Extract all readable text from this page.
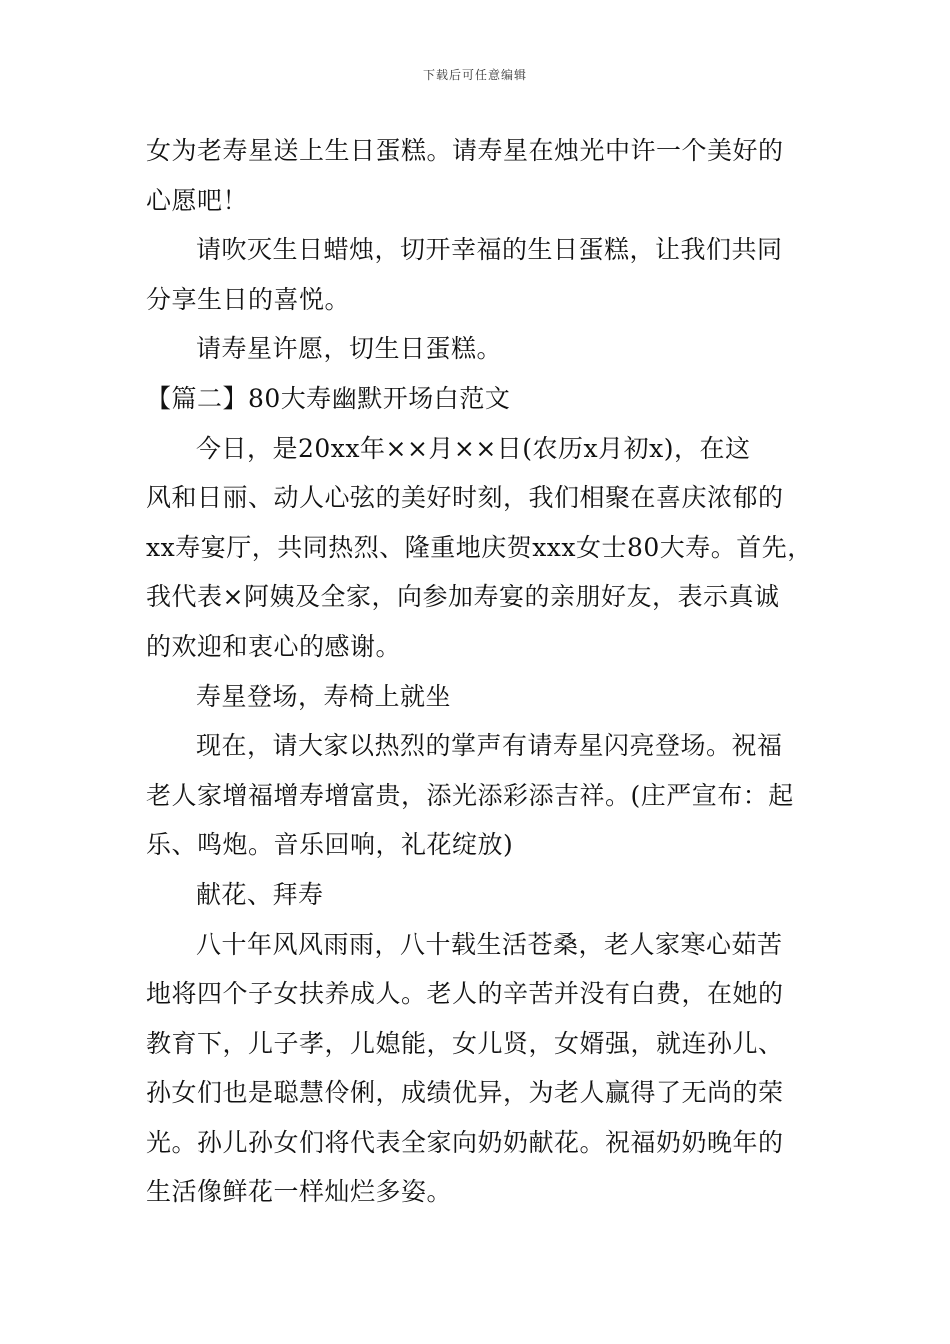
下载后可任意编辑
女为老寿星送上生日蛋糕。请寿星在烛光中许一个美好的
心愿吧！
请吹灭生日蜡烛，切开幸福的生日蛋糕，让我们共同
分享生日的喜悦。
请寿星许愿，切生日蛋糕。
【篇二】80大寿幽默开场白范文
今日，是20xx年××月××日(农历x月初x)，在这
风和日丽、动人心弦的美好时刻，我们相聚在喜庆浓郁的
xx寿宴厅，共同热烈、隆重地庆贺xxx女士80大寿。首先，
我代表×阿姨及全家，向参加寿宴的亲朋好友，表示真诚
的欢迎和衷心的感谢。
寿星登场，寿椅上就坐
现在，请大家以热烈的掌声有请寿星闪亮登场。祝福
老人家增福增寿增富贵，添光添彩添吉祥。(庄严宣布：起
乐、鸣炮。音乐回响，礼花绽放)
献花、拜寿
八十年风风雨雨，八十载生活苍桑，老人家寒心茹苦
地将四个子女扶养成人。老人的辛苦并没有白费，在她的
教育下，儿子孝，儿媳能，女儿贤，女婿强，就连孙儿、
孙女们也是聪慧伶俐，成绩优异，为老人赢得了无尚的荣
光。孙儿孙女们将代表全家向奶奶献花。祝福奶奶晚年的
生活像鲜花一样灿烂多姿。
